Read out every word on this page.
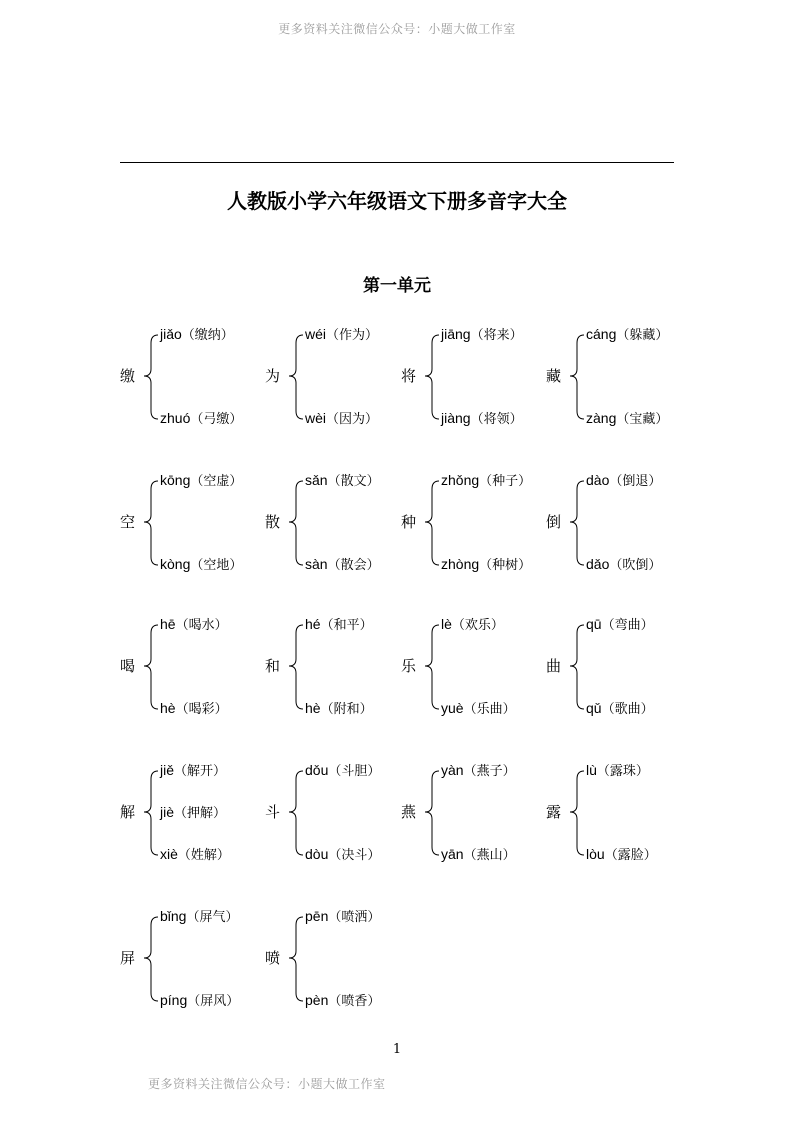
更多资料关注微信公众号：小题大做工作室
人教版小学六年级语文下册多音字大全
第一单元
缴
jiǎo（缴纳）
zhuó（弓缴）
为
wéi（作为）
wèi（因为）
将
jiāng（将来）
jiàng（将领）
藏
cáng（躲藏）
zàng（宝藏）
空
kōng（空虚）
kòng（空地）
散
sǎn（散文）
sàn（散会）
种
zhǒng（种子）
zhòng（种树）
倒
dào（倒退）
dǎo（吹倒）
喝
hē（喝水）
hè（喝彩）
和
hé（和平）
hè（附和）
乐
lè（欢乐）
yuè（乐曲）
曲
qū（弯曲）
qǔ（歌曲）
解
jiě（解开）
jiè（押解）
xiè（姓解）
斗
dǒu（斗胆）
dòu（决斗）
燕
yàn（燕子）
yān（燕山）
露
lù（露珠）
lòu（露脸）
屏
bǐng（屏气）
píng（屏风）
喷
pēn（喷洒）
pèn（喷香）
1
更多资料关注微信公众号：小题大做工作室
